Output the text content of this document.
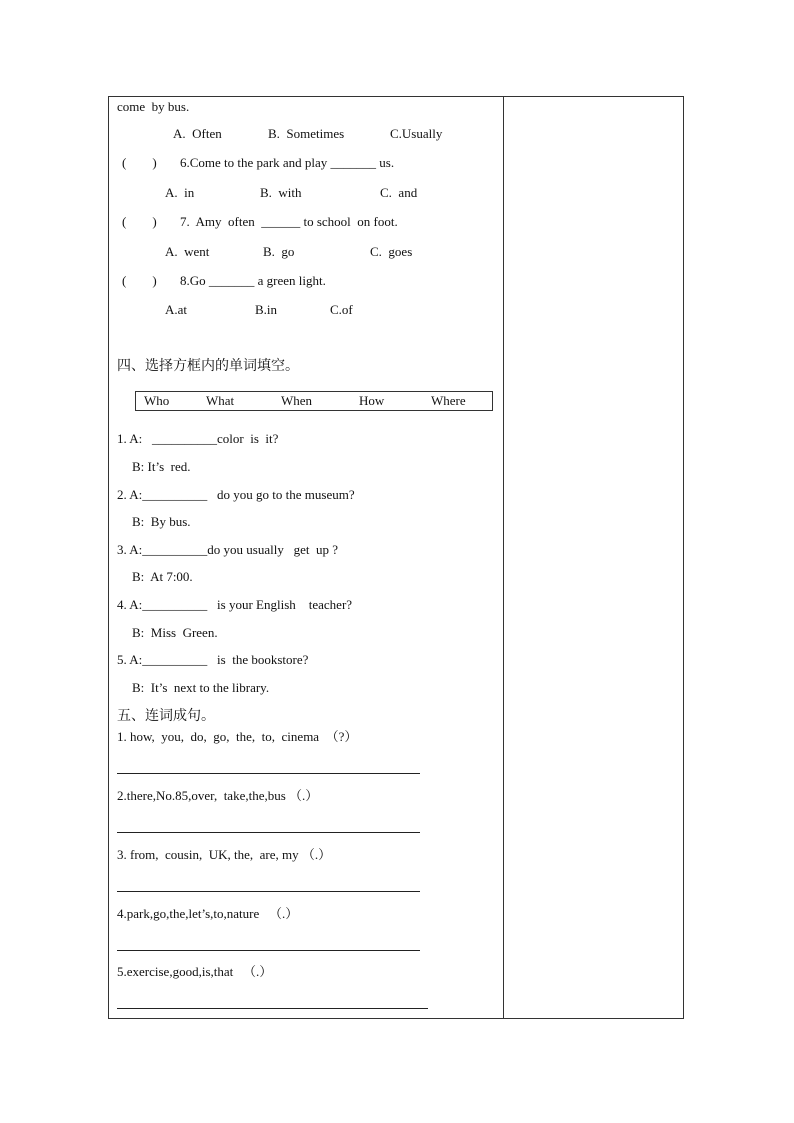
come  by bus.
A.  Often	B.  Sometimes	C.Usually
(        ) 6.Come to the park and play _______ us.
A.  in	B.  with	C.  and
(        ) 7.  Amy  often  ______ to school  on foot.
A.  went	B.  go	C.  goes
(        ) 8.Go _______ a green light.
A.at	B.in	C.of
四、选择方框内的单词填空。
Who	What	When	How	Where
1. A:   __________color  is  it?
B: It’s  red.
2. A:__________   do you go to the museum?
B:  By bus.
3. A:__________do you usually   get  up ?
B:  At 7:00.
4. A:__________   is your English    teacher?
B:  Miss  Green.
5. A:__________   is  the bookstore?
B:  It’s  next to the library.
五、连词成句。
1. how,  you,  do,  go,  the,  to,  cinema  （?）
2.there,No.85,over,  take,the,bus （.）
3. from,  cousin,  UK, the,  are, my （.）
4.park,go,the,let’s,to,nature   （.）
5.exercise,good,is,that   （.）
